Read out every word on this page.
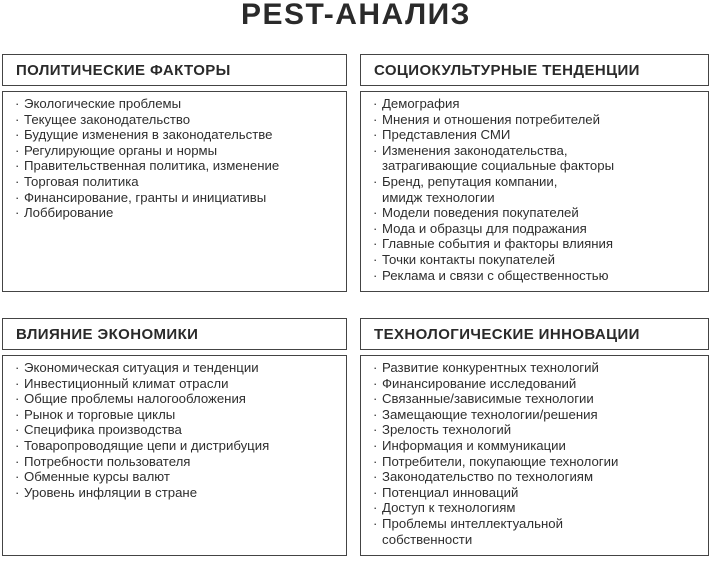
PEST-АНАЛИЗ
ПОЛИТИЧЕСКИЕ ФАКТОРЫ
· Экологические проблемы
· Текущее законодательство
· Будущие изменения в законодательстве
· Регулирующие органы и нормы
· Правительственная политика, изменение
· Торговая политика
· Финансирование, гранты и инициативы
· Лоббирование
СОЦИОКУЛЬТУРНЫЕ ТЕНДЕНЦИИ
· Демография
· Мнения и отношения потребителей
· Представления СМИ
· Изменения законодательства,
затрагивающие социальные факторы
· Бренд, репутация компании,
имидж технологии
· Модели поведения покупателей
· Мода и образцы для подражания
· Главные события и факторы влияния
· Точки контакты покупателей
· Реклама и связи с общественностью
ВЛИЯНИЕ ЭКОНОМИКИ
· Экономическая ситуация и тенденции
· Инвестиционный климат отрасли
· Общие проблемы налогообложения
· Рынок и торговые циклы
· Специфика производства
· Товаропроводящие цепи и дистрибуция
· Потребности пользователя
· Обменные курсы валют
· Уровень инфляции в стране
ТЕХНОЛОГИЧЕСКИЕ ИННОВАЦИИ
· Развитие конкурентных технологий
· Финансирование исследований
· Связанные/зависимые технологии
· Замещающие технологии/решения
· Зрелость технологий
· Информация и коммуникации
· Потребители, покупающие технологии
· Законодательство по технологиям
· Потенциал инноваций
· Доступ к технологиям
· Проблемы интеллектуальной
собственности
